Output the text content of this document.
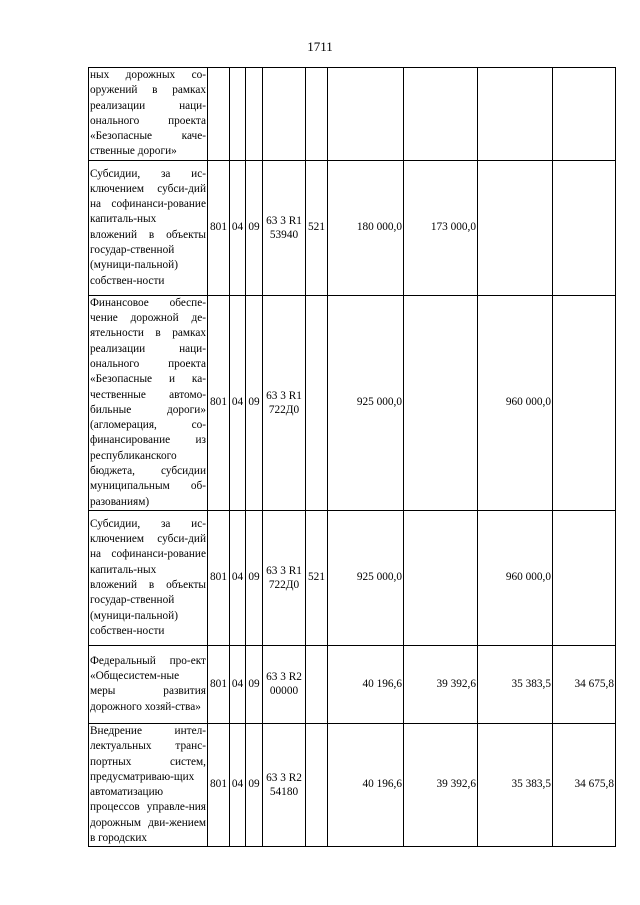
1711
ных дорожных со-оружений в рамках реализации наци-онального проекта «Безопасные каче-ственные дороги»									
Субсидии, за ис-ключением субси-дий на софинанси-рование капиталь-ных вложений в объекты государ-ственной (муници-пальной) собствен-ности	801	04	09	63 3 R1 53940	521	180 000,0	173 000,0		
Финансовое обеспе-чение дорожной де-ятельности в рамках реализации наци-онального проекта «Безопасные и ка-чественные автомо-бильные дороги» (агломерация, со-финансирование из республиканского бюджета, субсидии муниципальным об-разованиям)	801	04	09	63 3 R1 722Д0		925 000,0		960 000,0	
Субсидии, за ис-ключением субси-дий на софинанси-рование капиталь-ных вложений в объекты государ-ственной (муници-пальной) собствен-ности	801	04	09	63 3 R1 722Д0	521	925 000,0		960 000,0	
Федеральный про-ект «Общесистем-ные меры развития дорожного хозяй-ства»	801	04	09	63 3 R2 00000		40 196,6	39 392,6	35 383,5	34 675,8
Внедрение интел-лектуальных транс-портных систем, предусматриваю-щих автоматизацию процессов управле-ния дорожным дви-жением в городских	801	04	09	63 3 R2 54180		40 196,6	39 392,6	35 383,5	34 675,8
